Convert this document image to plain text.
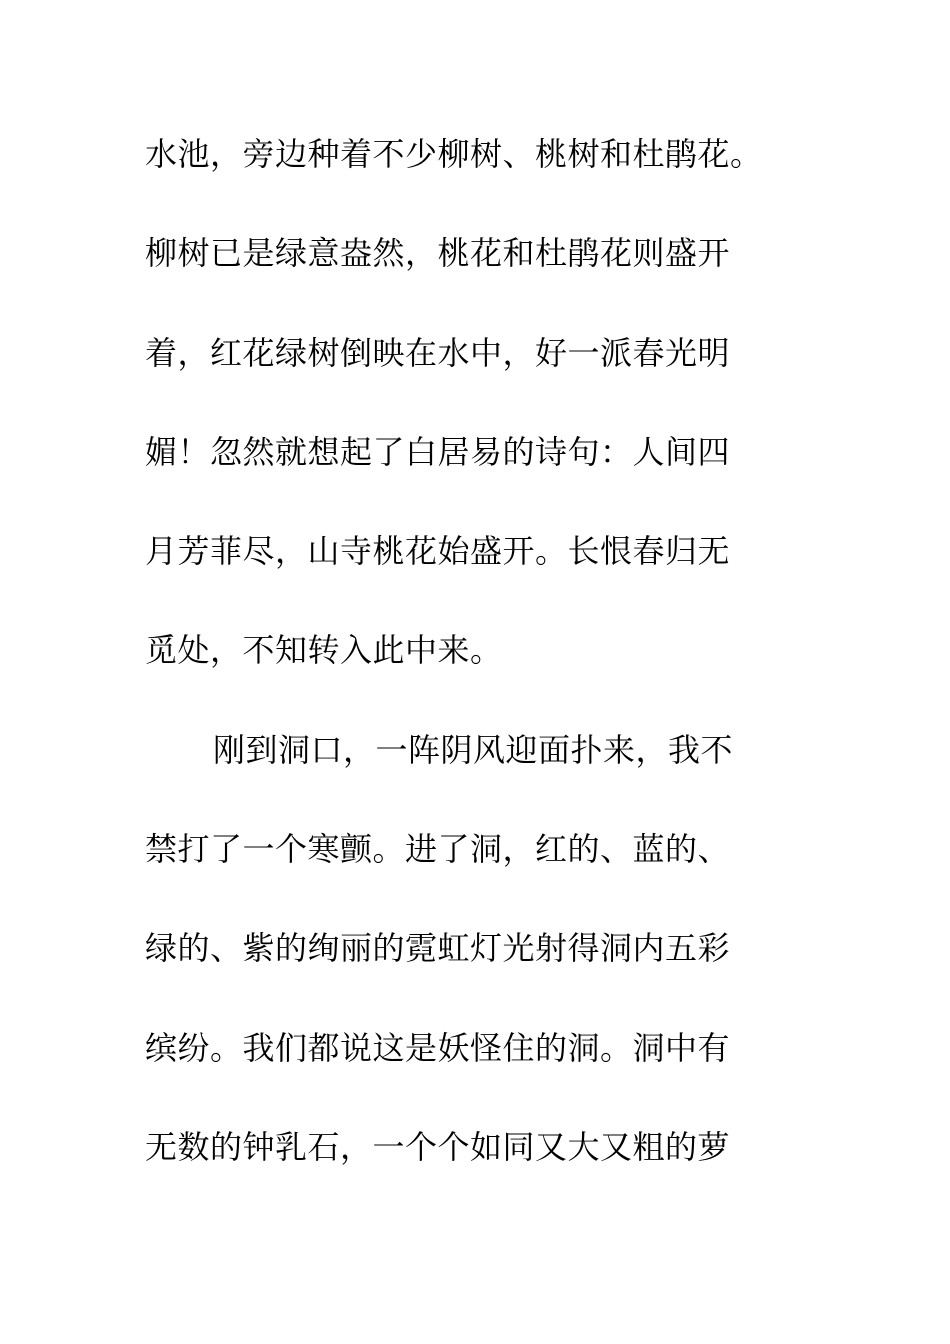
水池，旁边种着不少柳树、桃树和杜鹃花。
柳树已是绿意盎然，桃花和杜鹃花则盛开
着，红花绿树倒映在水中，好一派春光明
媚！忽然就想起了白居易的诗句：人间四
月芳菲尽，山寺桃花始盛开。长恨春归无
觅处，不知转入此中来。
刚到洞口，一阵阴风迎面扑来，我不
禁打了一个寒颤。进了洞，红的、蓝的、
绿的、紫的绚丽的霓虹灯光射得洞内五彩
缤纷。我们都说这是妖怪住的洞。洞中有
无数的钟乳石，一个个如同又大又粗的萝
